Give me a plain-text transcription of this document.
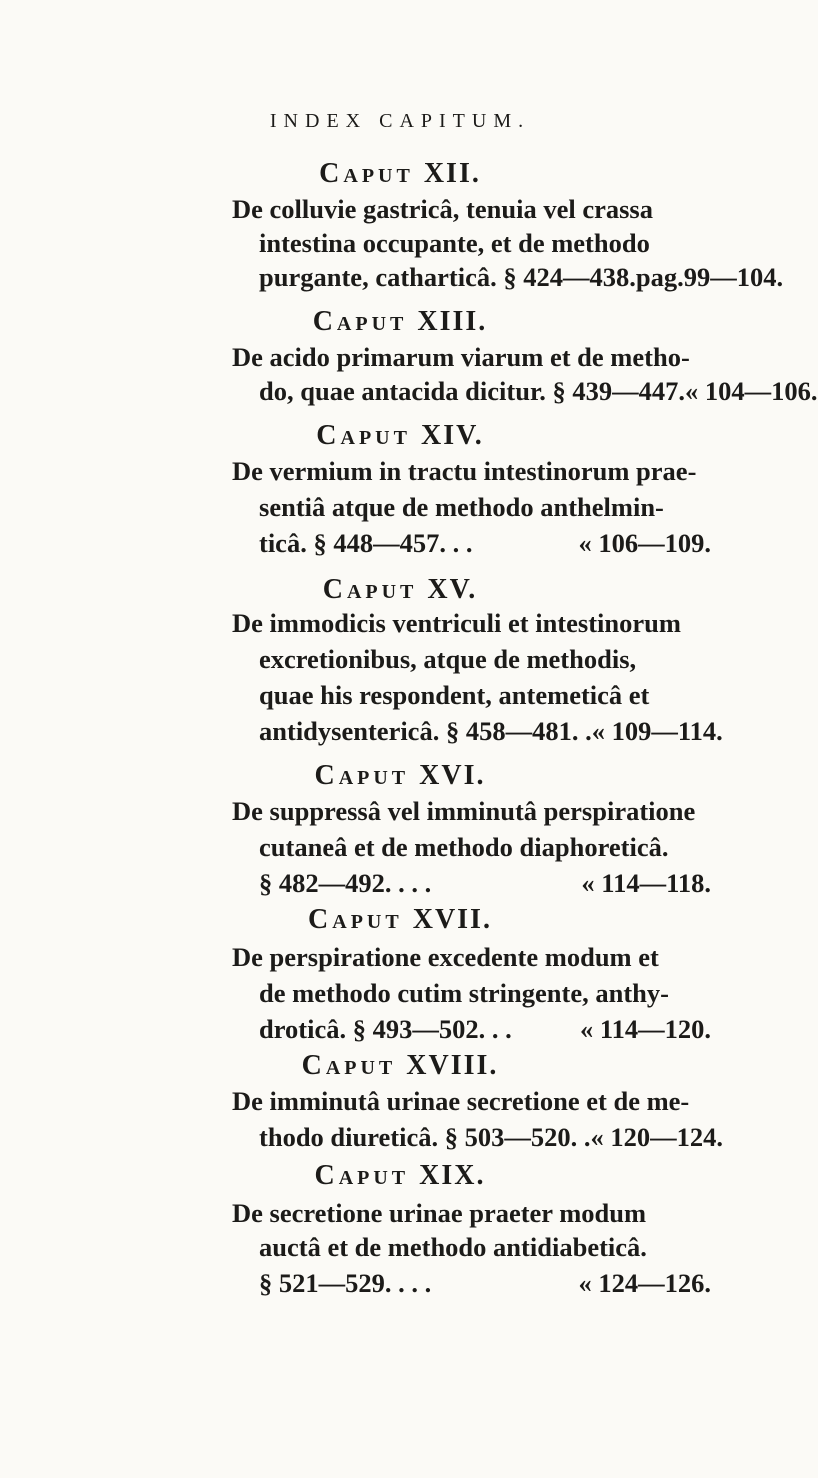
INDEX CAPITUM.
Caput XII.
De colluvie gastricâ, tenuia vel crassa
intestina occupante, et de methodo
purgante, catharticâ. § 424—438. pag.99—104.
Caput XIII.
De acido primarum viarum et de metho-
do, quae antacida dicitur. § 439—447. « 104—106.
Caput XIV.
De vermium in tractu intestinorum prae-
sentiâ atque de methodo anthelmin-
ticâ. § 448—457. . .	« 106—109.
Caput XV.
De immodicis ventriculi et intestinorum
excretionibus, atque de methodis,
quae his respondent, antemeticâ et
antidysentericâ. § 458—481. . « 109—114.
Caput XVI.
De suppressâ vel imminutâ perspiratione
cutaneâ et de methodo diaphoreticâ.
§ 482—492. . . .	« 114—118.
Caput XVII.
De perspiratione excedente modum et
de methodo cutim stringente, anthy-
droticâ. § 493—502. . .	« 114—120.
Caput XVIII.
De imminutâ urinae secretione et de me-
thodo diureticâ. § 503—520. . « 120—124.
Caput XIX.
De secretione urinae praeter modum
auctâ et de methodo antidiabeticâ.
§ 521—529. . . .	« 124—126.
